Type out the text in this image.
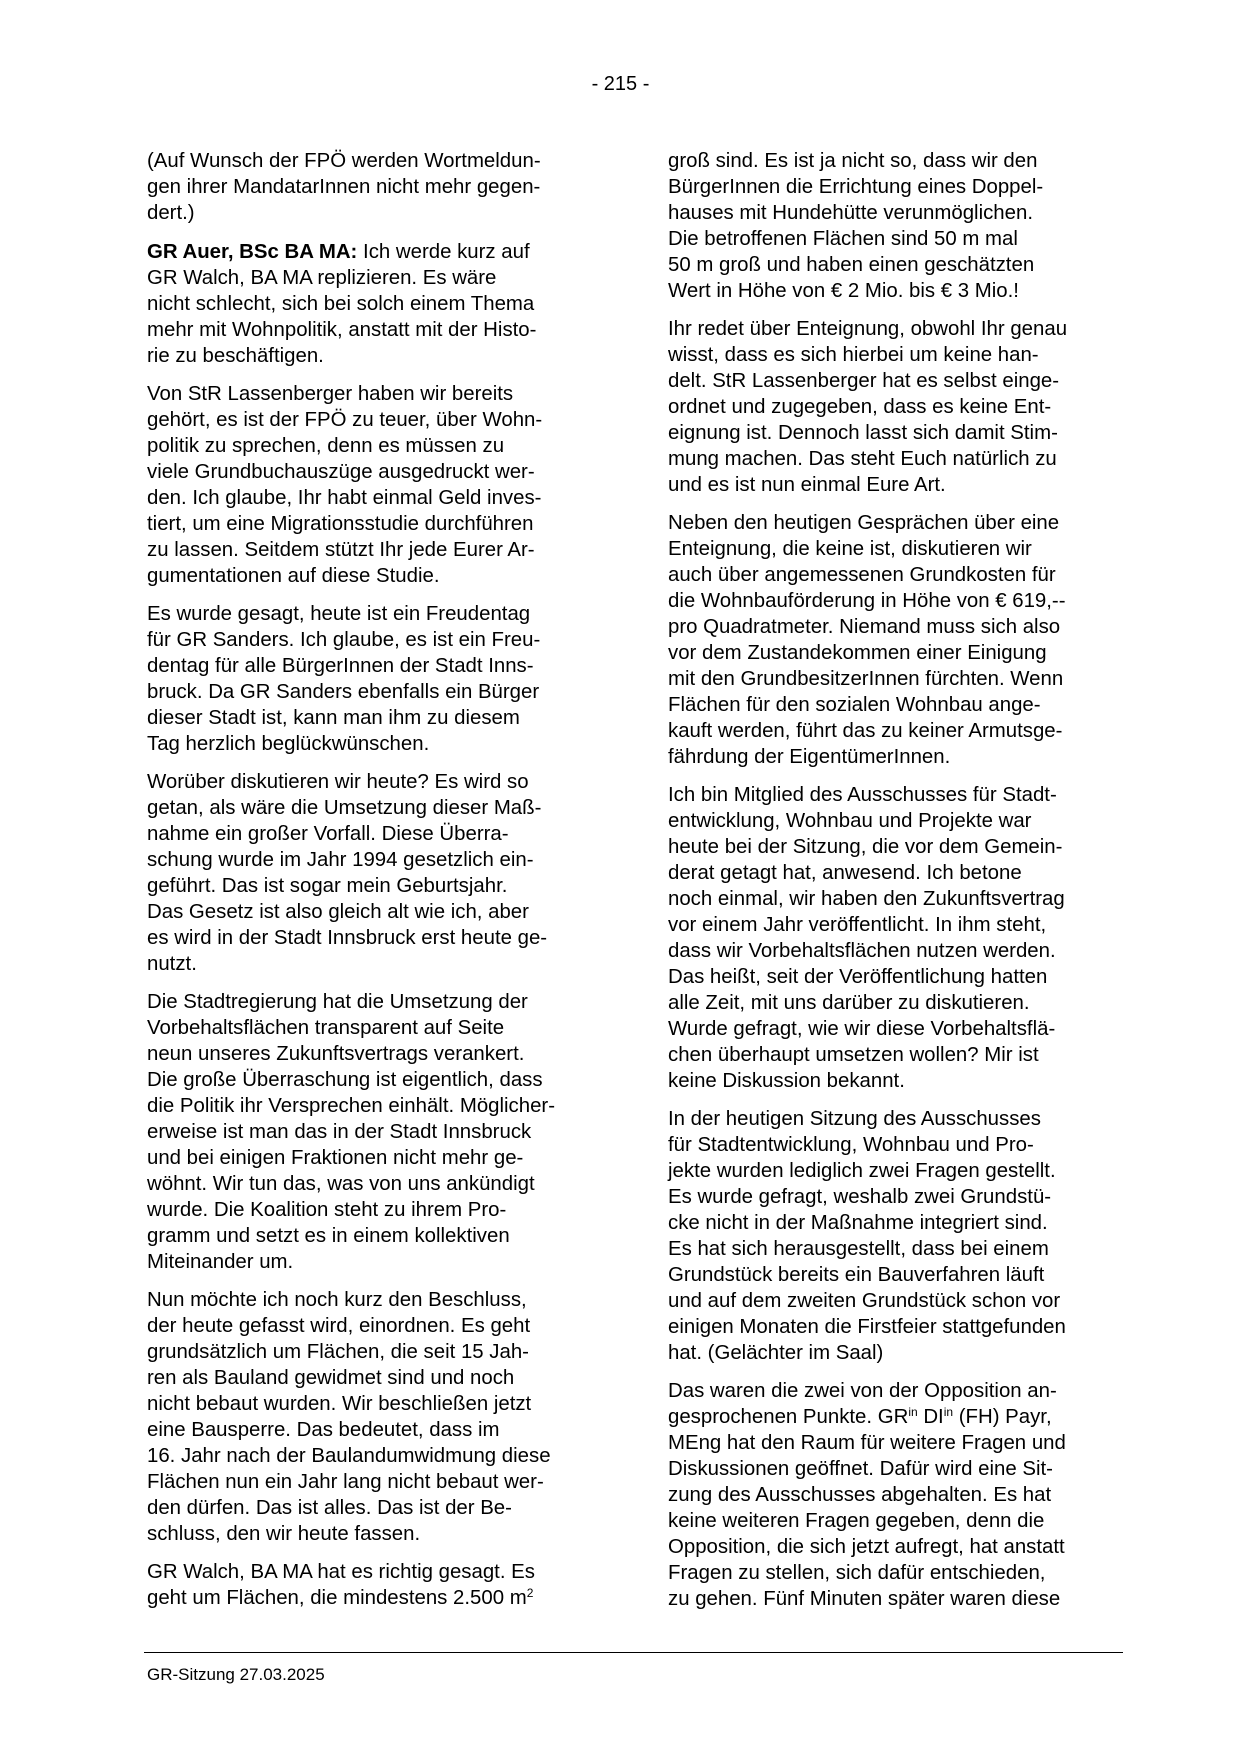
- 215 -

(Auf Wunsch der FPÖ werden Wortmeldun-
gen ihrer MandatarInnen nicht mehr gegen-
dert.)

GR Auer, BSc BA MA: Ich werde kurz auf
GR Walch, BA MA replizieren. Es wäre
nicht schlecht, sich bei solch einem Thema
mehr mit Wohnpolitik, anstatt mit der Histo-
rie zu beschäftigen.

Von StR Lassenberger haben wir bereits
gehört, es ist der FPÖ zu teuer, über Wohn-
politik zu sprechen, denn es müssen zu
viele Grundbuchauszüge ausgedruckt wer-
den. Ich glaube, Ihr habt einmal Geld inves-
tiert, um eine Migrationsstudie durchführen
zu lassen. Seitdem stützt Ihr jede Eurer Ar-
gumentationen auf diese Studie.

Es wurde gesagt, heute ist ein Freudentag
für GR Sanders. Ich glaube, es ist ein Freu-
dentag für alle BürgerInnen der Stadt Inns-
bruck. Da GR Sanders ebenfalls ein Bürger
dieser Stadt ist, kann man ihm zu diesem
Tag herzlich beglückwünschen.

Worüber diskutieren wir heute? Es wird so
getan, als wäre die Umsetzung dieser Maß-
nahme ein großer Vorfall. Diese Überra-
schung wurde im Jahr 1994 gesetzlich ein-
geführt. Das ist sogar mein Geburtsjahr.
Das Gesetz ist also gleich alt wie ich, aber
es wird in der Stadt Innsbruck erst heute ge-
nutzt.

Die Stadtregierung hat die Umsetzung der
Vorbehaltsflächen transparent auf Seite
neun unseres Zukunftsvertrags verankert.
Die große Überraschung ist eigentlich, dass
die Politik ihr Versprechen einhält. Möglicher-
erweise ist man das in der Stadt Innsbruck
und bei einigen Fraktionen nicht mehr ge-
wöhnt. Wir tun das, was von uns ankündigt
wurde. Die Koalition steht zu ihrem Pro-
gramm und setzt es in einem kollektiven
Miteinander um.

Nun möchte ich noch kurz den Beschluss,
der heute gefasst wird, einordnen. Es geht
grundsätzlich um Flächen, die seit 15 Jah-
ren als Bauland gewidmet sind und noch
nicht bebaut wurden. Wir beschließen jetzt
eine Bausperre. Das bedeutet, dass im
16. Jahr nach der Baulandumwidmung diese
Flächen nun ein Jahr lang nicht bebaut wer-
den dürfen. Das ist alles. Das ist der Be-
schluss, den wir heute fassen.

GR Walch, BA MA hat es richtig gesagt. Es
geht um Flächen, die mindestens 2.500 $m^2$

groß sind. Es ist ja nicht so, dass wir den
BürgerInnen die Errichtung eines Doppel-
hauses mit Hundehütte verunmöglichen.
Die betroffenen Flächen sind 50 m mal
50 m groß und haben einen geschätzten
Wert in Höhe von € 2 Mio. bis € 3 Mio.!

Ihr redet über Enteignung, obwohl Ihr genau
wisst, dass es sich hierbei um keine han-
delt. StR Lassenberger hat es selbst einge-
ordnet und zugegeben, dass es keine Ent-
eignung ist. Dennoch lasst sich damit Stim-
mung machen. Das steht Euch natürlich zu
und es ist nun einmal Eure Art.

Neben den heutigen Gesprächen über eine
Enteignung, die keine ist, diskutieren wir
auch über angemessenen Grundkosten für
die Wohnbauförderung in Höhe von € 619,--
pro Quadratmeter. Niemand muss sich also
vor dem Zustandekommen einer Einigung
mit den GrundbesitzerInnen fürchten. Wenn
Flächen für den sozialen Wohnbau ange-
kauft werden, führt das zu keiner Armutsge-
fährdung der EigentümerInnen.

Ich bin Mitglied des Ausschusses für Stadt-
entwicklung, Wohnbau und Projekte war
heute bei der Sitzung, die vor dem Gemein-
derat getagt hat, anwesend. Ich betone
noch einmal, wir haben den Zukunftsvertrag
vor einem Jahr veröffentlicht. In ihm steht,
dass wir Vorbehaltsflächen nutzen werden.
Das heißt, seit der Veröffentlichung hatten
alle Zeit, mit uns darüber zu diskutieren.
Wurde gefragt, wie wir diese Vorbehaltsflä-
chen überhaupt umsetzen wollen? Mir ist
keine Diskussion bekannt.

In der heutigen Sitzung des Ausschusses
für Stadtentwicklung, Wohnbau und Pro-
jekte wurden lediglich zwei Fragen gestellt.
Es wurde gefragt, weshalb zwei Grundstü-
cke nicht in der Maßnahme integriert sind.
Es hat sich herausgestellt, dass bei einem
Grundstück bereits ein Bauverfahren läuft
und auf dem zweiten Grundstück schon vor
einigen Monaten die Firstfeier stattgefunden
hat. (Gelächter im Saal)

Das waren die zwei von der Opposition an-
gesprochenen Punkte. $GR^{in}$ $DI^{in}$ (FH) Payr,
MEng hat den Raum für weitere Fragen und
Diskussionen geöffnet. Dafür wird eine Sit-
zung des Ausschusses abgehalten. Es hat
keine weiteren Fragen gegeben, denn die
Opposition, die sich jetzt aufregt, hat anstatt
Fragen zu stellen, sich dafür entschieden,
zu gehen. Fünf Minuten später waren diese

GR-Sitzung 27.03.2025
